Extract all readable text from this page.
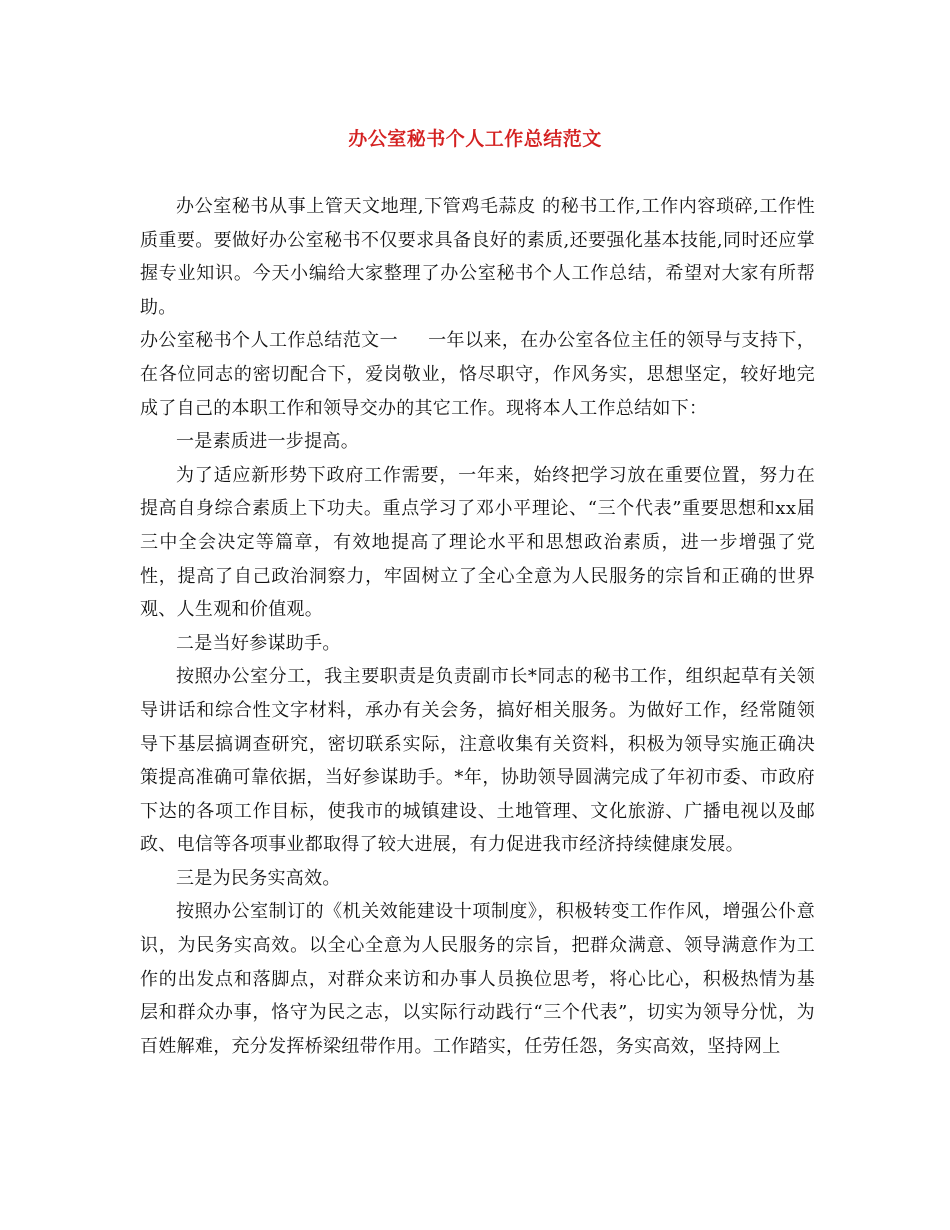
办公室秘书个人工作总结范文

办公室秘书从事上管天文地理,下管鸡毛蒜皮 的秘书工作,工作内容琐碎,工作性质重要。要做好办公室秘书不仅要求具备良好的素质,还要强化基本技能,同时还应掌握专业知识。今天小编给大家整理了办公室秘书个人工作总结，希望对大家有所帮助。

办公室秘书个人工作总结范文一 一年以来，在办公室各位主任的领导与支持下，在各位同志的密切配合下，爱岗敬业，恪尽职守，作风务实，思想坚定，较好地完成了自己的本职工作和领导交办的其它工作。现将本人工作总结如下：

一是素质进一步提高。

为了适应新形势下政府工作需要，一年来，始终把学习放在重要位置，努力在提高自身综合素质上下功夫。重点学习了邓小平理论、“三个代表”重要思想和xx届三中全会决定等篇章，有效地提高了理论水平和思想政治素质，进一步增强了党性，提高了自己政治洞察力，牢固树立了全心全意为人民服务的宗旨和正确的世界观、人生观和价值观。

二是当好参谋助手。

按照办公室分工，我主要职责是负责副市长*同志的秘书工作，组织起草有关领导讲话和综合性文字材料，承办有关会务，搞好相关服务。为做好工作，经常随领导下基层搞调查研究，密切联系实际，注意收集有关资料，积极为领导实施正确决策提高准确可靠依据，当好参谋助手。*年，协助领导圆满完成了年初市委、市政府下达的各项工作目标，使我市的城镇建设、土地管理、文化旅游、广播电视以及邮政、电信等各项事业都取得了较大进展，有力促进我市经济持续健康发展。

三是为民务实高效。

按照办公室制订的《机关效能建设十项制度》，积极转变工作作风，增强公仆意识，为民务实高效。以全心全意为人民服务的宗旨，把群众满意、领导满意作为工作的出发点和落脚点，对群众来访和办事人员换位思考，将心比心，积极热情为基层和群众办事，恪守为民之志，以实际行动践行“三个代表”，切实为领导分忧，为百姓解难，充分发挥桥梁纽带作用。工作踏实，任劳任怨，务实高效，坚持网上
